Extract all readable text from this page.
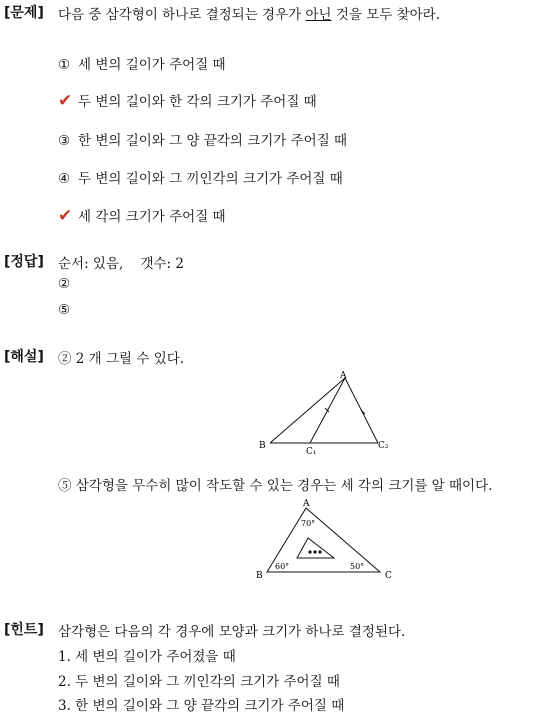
[문제] 다음 중 삼각형이 하나로 결정되는 경우가 아닌 것을 모두 찾아라.
① 세 변의 길이가 주어질 때
✔ 두 변의 길이와 한 각의 크기가 주어질 때
③ 한 변의 길이와 그 양 끝각의 크기가 주어질 때
④ 두 변의 길이와 그 끼인각의 크기가 주어질 때
✔ 세 각의 크기가 주어질 때
[정답] 순서: 있음,    갯수: 2
②
⑤
[해설] ② 2 개 그릴 수 있다.
A
B
C₁
C₂
⑤ 삼각형을 무수히 많이 작도할 수 있는 경우는 세 각의 크기를 알 때이다.
A
B	C
70°
60°	50°
[힌트] 삼각형은 다음의 각 경우에 모양과 크기가 하나로 결정된다.
1. 세 변의 길이가 주어졌을 때
2. 두 변의 길이와 그 끼인각의 크기가 주어질 때
3. 한 변의 길이와 그 양 끝각의 크기가 주어질 때
